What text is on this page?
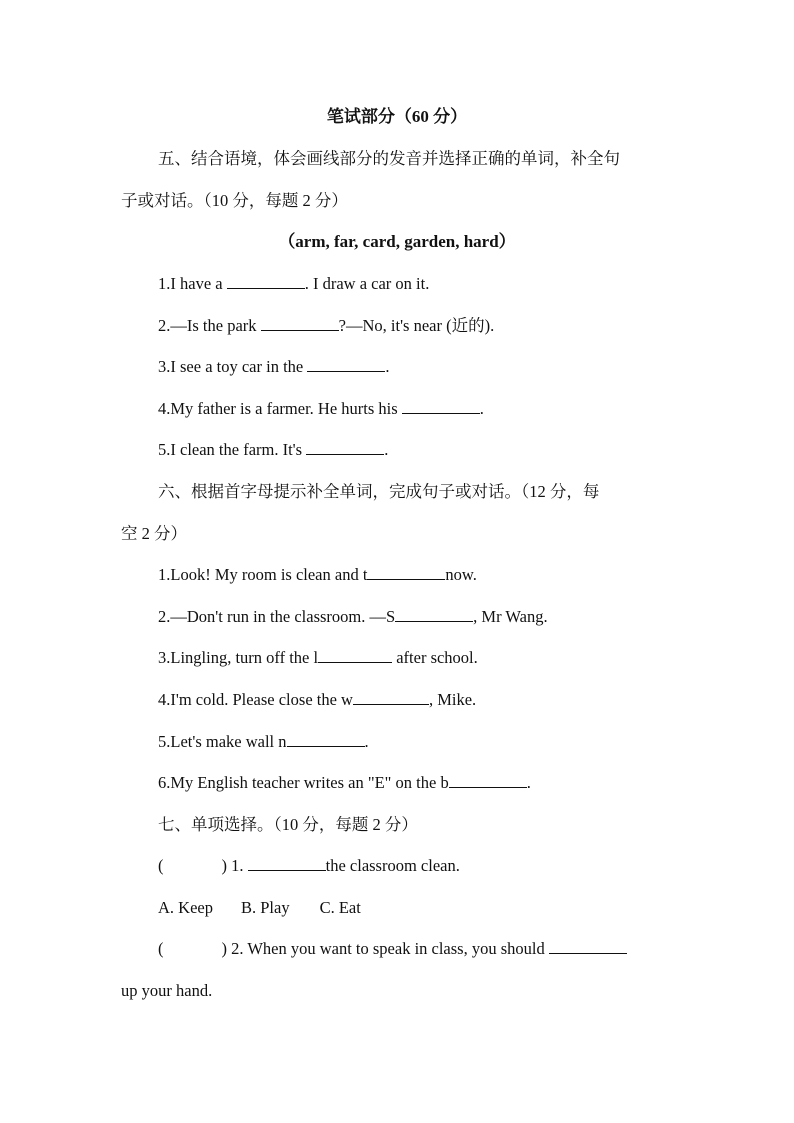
笔试部分（60 分）
五、结合语境，体会画线部分的发音并选择正确的单词，补全句
子或对话。（10 分，每题 2 分）
（arm, far, card, garden, hard）
1.I have a	. I draw a car on it.
2.—Is the park	?—No, it's near (近的).
3.I see a toy car in the	.
4.My father is a farmer. He hurts his	.
5.I clean the farm. It's	.
六、根据首字母提示补全单词，完成句子或对话。（12 分，每
空 2 分）
1.Look! My room is clean and t	now.
2.—Don't run in the classroom. —S	, Mr Wang.
3.Lingling, turn off the l	after school.
4.I'm cold. Please close the w	, Mike.
5.Let's make wall n	.
6.My English teacher writes an "E" on the b	.
七、单项选择。（10 分，每题 2 分）
(	) 1.	the classroom clean.
A. Keep B. Play C. Eat
(	) 2. When you want to speak in class, you should
up your hand.
